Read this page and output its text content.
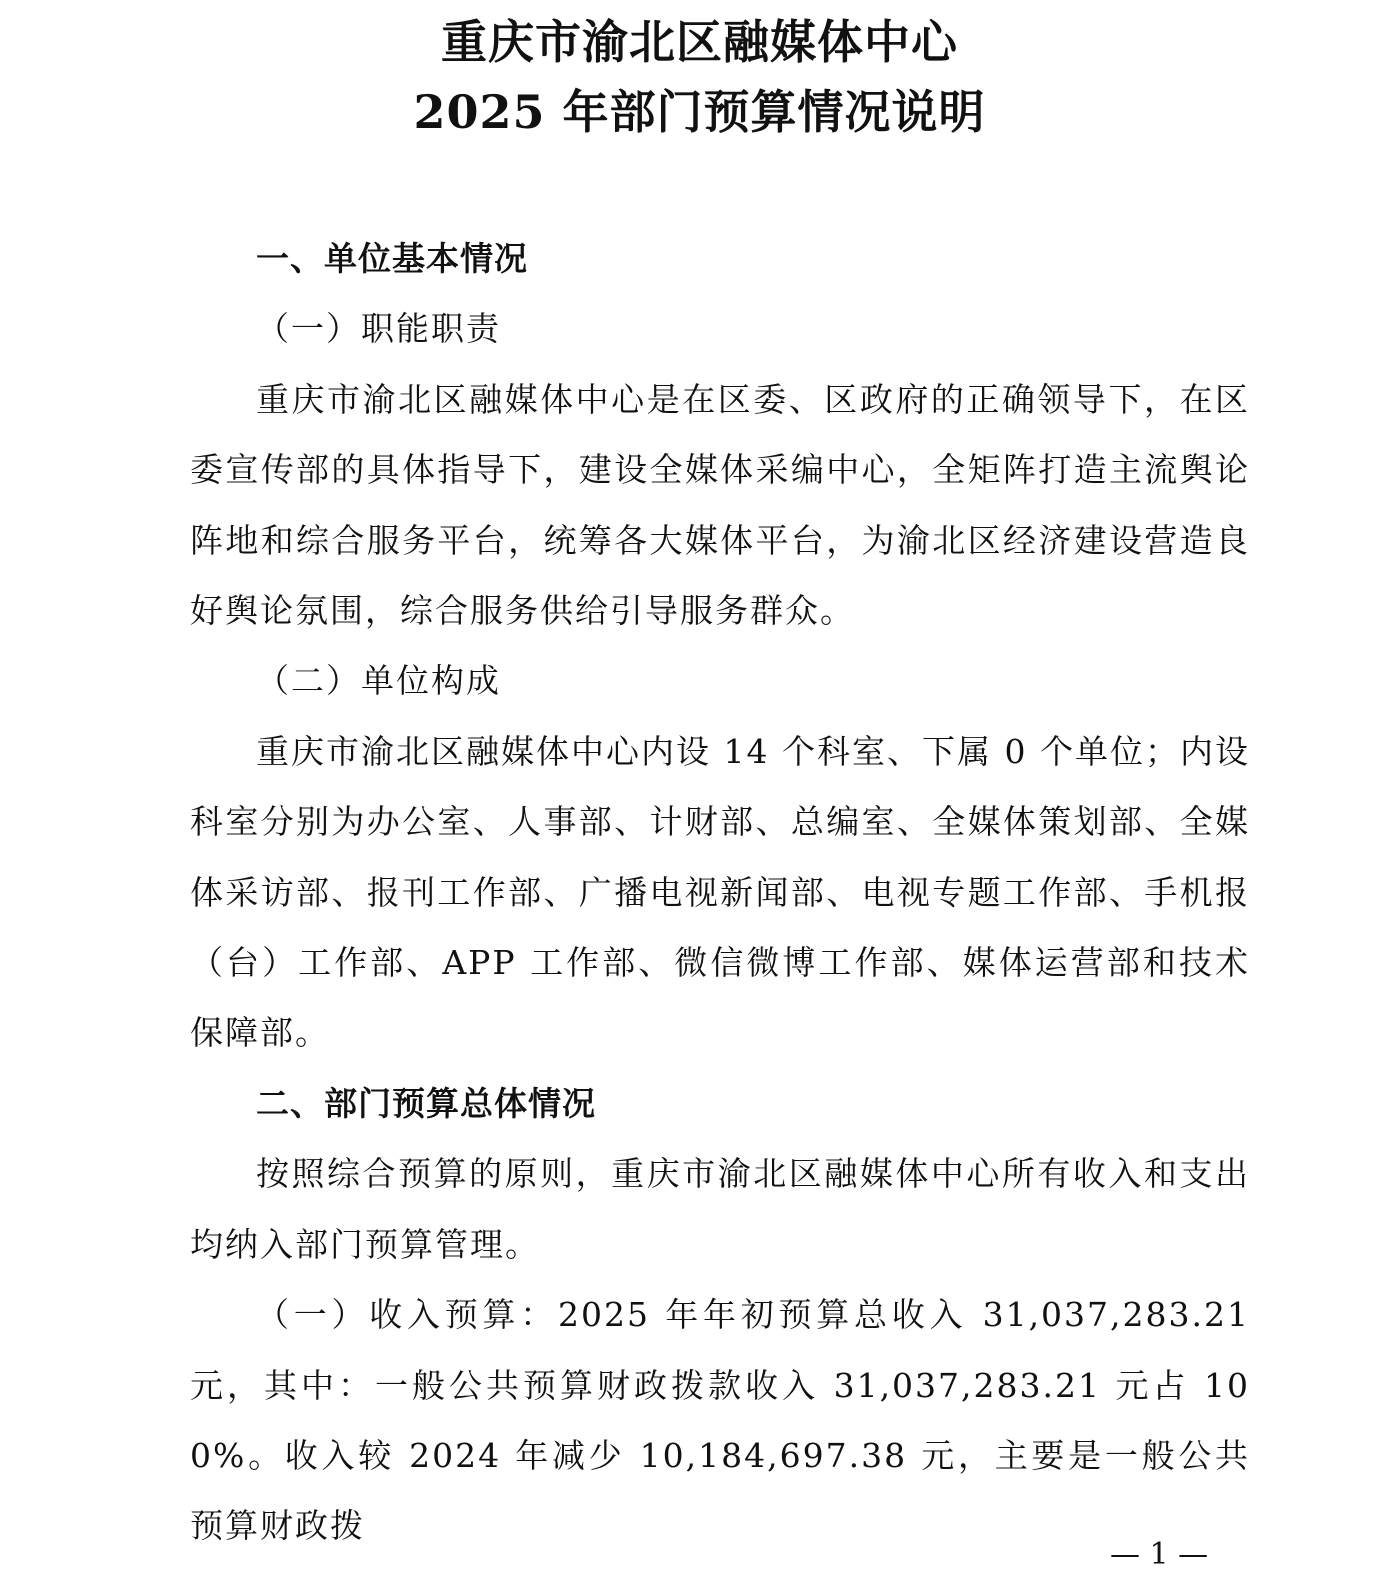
重庆市渝北区融媒体中心
2025 年部门预算情况说明

一、单位基本情况

（一）职能职责

重庆市渝北区融媒体中心是在区委、区政府的正确领导下，在区委宣传部的具体指导下，建设全媒体采编中心，全矩阵打造主流舆论阵地和综合服务平台，统筹各大媒体平台，为渝北区经济建设营造良好舆论氛围，综合服务供给引导服务群众。

（二）单位构成

重庆市渝北区融媒体中心内设 14 个科室、下属 0 个单位；内设科室分别为办公室、人事部、计财部、总编室、全媒体策划部、全媒体采访部、报刊工作部、广播电视新闻部、电视专题工作部、手机报（台）工作部、APP 工作部、微信微博工作部、媒体运营部和技术保障部。

二、部门预算总体情况

按照综合预算的原则，重庆市渝北区融媒体中心所有收入和支出均纳入部门预算管理。

（一）收入预算：2025 年年初预算总收入 31,037,283.21 元，其中：一般公共预算财政拨款收入 31,037,283.21 元占 100%。收入较 2024 年减少 10,184,697.38 元，主要是一般公共预算财政拨

— 1 —
